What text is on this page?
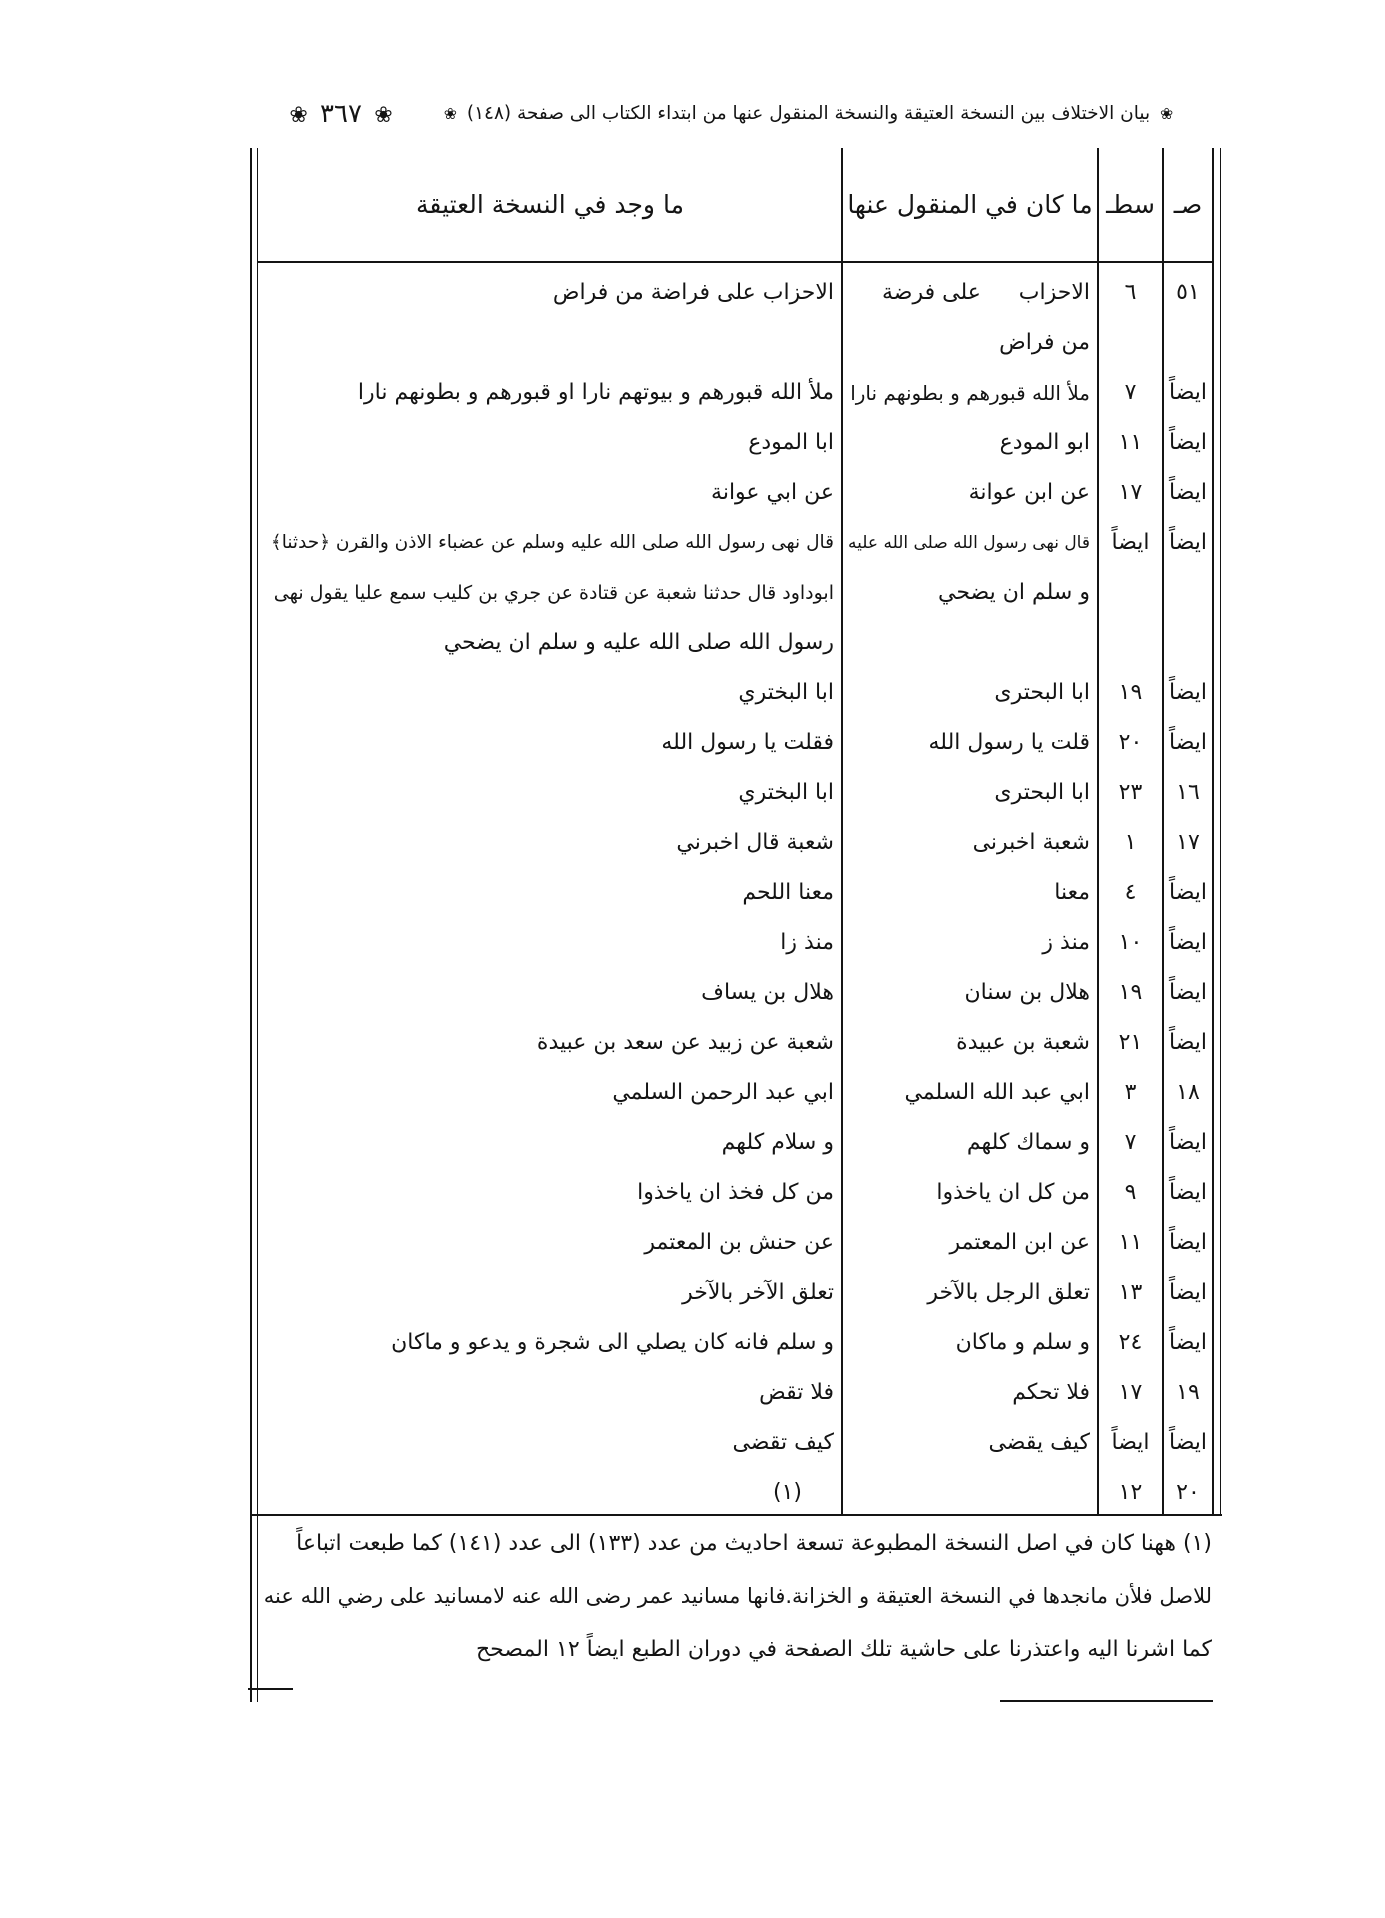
❀ بيان الاختلاف بين النسخة العتيقة والنسخة المنقول عنها من ابتداء الكتاب الى صفحة (١٤٨) ❀
❀ ٣٦٧ ❀
صـ
سطـ
ما كان في المنقول عنها
ما وجد في النسخة العتيقة
٥١
٦
الاحزاب
على فرضة
الاحزاب على فراضة من فراض
من فراض
ايضاً
٧
ملأ الله قبورهم و بطونهم نارا
ملأ الله قبورهم و بيوتهم نارا او قبورهم و بطونهم نارا
ايضاً
١١
ابو المودع
ابا المودع
ايضاً
١٧
عن ابن عوانة
عن ابي عوانة
ايضاً
ايضاً
قال نهى رسول الله صلى الله عليه
قال نهى رسول الله صلى الله عليه وسلم عن عضباء الاذن والقرن ﴿حدثنا﴾
و سلم ان يضحي
ابوداود قال حدثنا شعبة عن قتادة عن جري بن كليب سمع عليا يقول نهى
رسول الله صلى الله عليه و سلم ان يضحي
ايضاً
١٩
ابا البحترى
ابا البختري
ايضاً
٢٠
قلت يا رسول الله
فقلت يا رسول الله
١٦
٢٣
ابا البحترى
ابا البختري
١٧
١
شعبة اخبرنى
شعبة قال اخبرني
ايضاً
٤
معنا
معنا اللحم
ايضاً
١٠
منذ ز
منذ زا
ايضاً
١٩
هلال بن سنان
هلال بن يساف
ايضاً
٢١
شعبة بن عبيدة
شعبة عن زبيد عن سعد بن عبيدة
١٨
٣
ابي عبد الله السلمي
ابي عبد الرحمن السلمي
ايضاً
٧
و سماك كلهم
و سلام كلهم
ايضاً
٩
من كل ان ياخذوا
من كل فخذ ان ياخذوا
ايضاً
١١
عن ابن المعتمر
عن حنش بن المعتمر
ايضاً
١٣
تعلق الرجل بالآخر
تعلق الآخر بالآخر
ايضاً
٢٤
و سلم و ماكان
و سلم فانه كان يصلي الى شجرة و يدعو و ماكان
١٩
١٧
فلا تحكم
فلا تقض
ايضاً
ايضاً
كيف يقضى
كيف تقضى
٢٠
١٢
(١)
(١) ههنا كان في اصل النسخة المطبوعة تسعة احاديث من عدد (١٣٣) الى عدد (١٤١) كما طبعت اتباعاً
للاصل فلأن مانجدها في النسخة العتيقة و الخزانة.فانها مسانيد عمر رضى الله عنه لامسانيد على رضي الله عنه
كما اشرنا اليه واعتذرنا على حاشية تلك الصفحة في دوران الطبع ايضاً ١٢ المصحح
